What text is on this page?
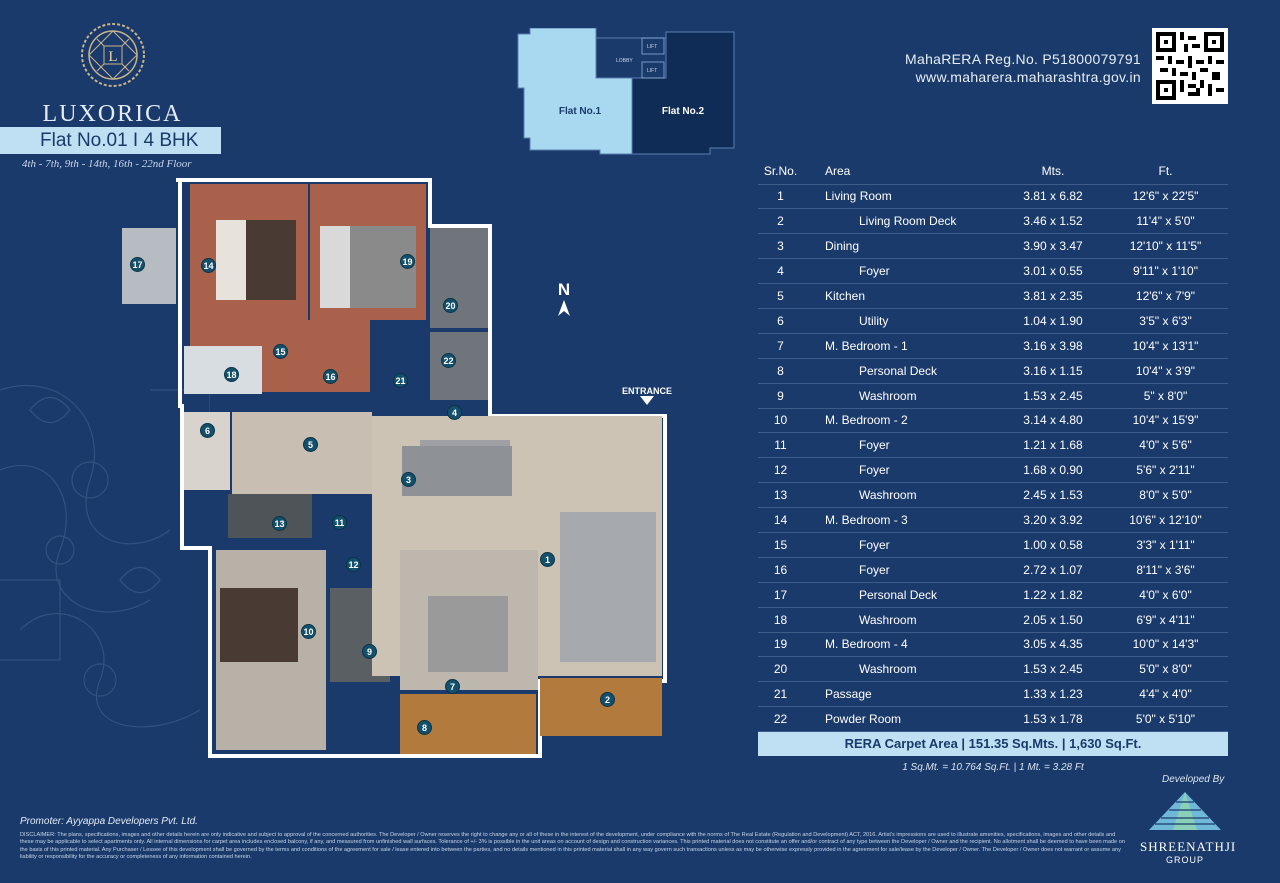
L
LUXORICA
Flat No.01 I 4 BHK
4th - 7th, 9th - 14th, 16th - 22nd Floor
LOBBY
LIFT
LIFT
Flat No.1	Flat No.2
MahaRERA Reg.No. P51800079791
www.maharera.maharashtra.gov.in
1
2
3
4
5
6
7
8
9
10
11
12
13
14
15
16
17
18
19
20
21
22
N
ENTRANCE
Sr.No.	Area	Mts.	Ft.
1	Living Room	3.81 x 6.82	12'6" x 22'5"
2	Living Room Deck	3.46 x 1.52	11'4" x 5'0"
3	Dining	3.90 x 3.47	12'10" x 11'5"
4	Foyer	3.01 x 0.55	9'11" x 1'10"
5	Kitchen	3.81 x 2.35	12'6" x 7'9"
6	Utility	1.04 x 1.90	3'5" x 6'3"
7	M. Bedroom - 1	3.16 x 3.98	10'4" x 13'1"
8	Personal Deck	3.16 x 1.15	10'4" x 3'9"
9	Washroom	1.53 x 2.45	5" x 8'0"
10	M. Bedroom - 2	3.14 x 4.80	10'4" x 15'9"
11	Foyer	1.21 x 1.68	4'0" x 5'6"
12	Foyer	1.68 x 0.90	5'6" x 2'11"
13	Washroom	2.45 x 1.53	8'0" x 5'0"
14	M. Bedroom - 3	3.20 x 3.92	10'6" x 12'10"
15	Foyer	1.00 x 0.58	3'3" x 1'11"
16	Foyer	2.72 x 1.07	8'11" x 3'6"
17	Personal Deck	1.22 x 1.82	4'0" x 6'0"
18	Washroom	2.05 x 1.50	6'9" x 4'11"
19	M. Bedroom - 4	3.05 x 4.35	10'0" x 14'3"
20	Washroom	1.53 x 2.45	5'0" x 8'0"
21	Passage	1.33 x 1.23	4'4" x 4'0"
22	Powder Room	1.53 x 1.78	5'0" x 5'10"
RERA Carpet Area | 151.35 Sq.Mts. | 1,630 Sq.Ft.
1 Sq.Mt. = 10.764 Sq.Ft. | 1 Mt. = 3.28 Ft
Developed By
SHREENATHJI
GROUP
Promoter: Ayyappa Developers Pvt. Ltd.
DISCLAIMER: The plans, specifications, images and other details herein are only indicative and subject to approval of the concerned authorities. The Developer / Owner reserves the right to change any or all of these in the interest of the development, under compliance with the norms of The Real Estate (Regulation and Development) ACT, 2016. Artist's impressions are used to illustrate amenities, specifications, images and other details and these may be applicable to select apartments only. All internal dimensions for carpet area includes enclosed balcony, if any, and measured from unfinished wall surfaces. Tolerance of +/- 3% is possible in the unit areas on account of design and construction variances. This printed material does not constitute an offer and/or contract of any type between the Developer / Owner and the recipient. No allotment shall be deemed to have been made on the basis of this printed material. Any Purchaser / Lessee of this development shall be governed by the terms and conditions of the agreement for sale / lease entered into between the parties, and no details mentioned in this printed material shall in any way govern such transactions unless as may be otherwise expressly provided in the agreement for sale/lease by the Developer / Owner. The Developer / Owner does not warrant or assume any liability or responsibility for the accuracy or completeness of any information contained herein.
